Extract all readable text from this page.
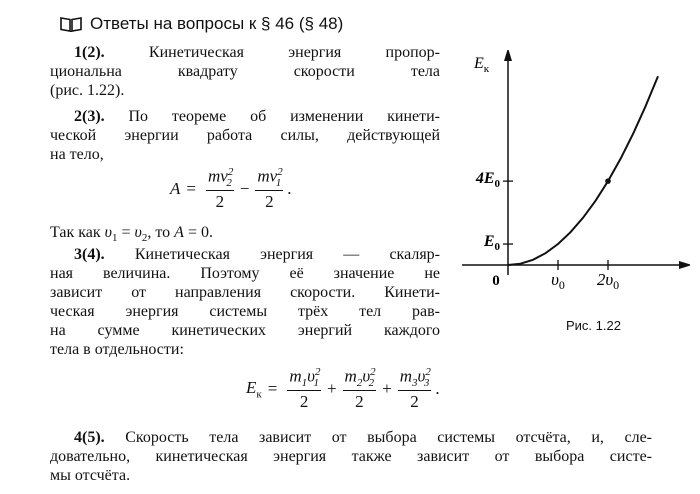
Ответы на вопросы к § 46 (§ 48)
1(2).	Кинетическая энергия пропор-
циональна квадрату скорости тела
(рис. 1.22).
2(3). По теореме об изменении кинети-
ческой энергии работа силы, действующей
на тело,
$A = \frac{mv^2_2}{2} - \frac{mv^2_1}{2}$ .
Так как $\upsilon_1 = \upsilon_2$, то A = 0.
3(4). Кинетическая энергия — скаляр-
ная величина. Поэтому её значение не
зависит от направления скорости. Кинети-
ческая энергия системы трёх тел рав-
на сумме кинетических энергий каждого
тела в отдельности:
$E_к = \frac{m_1\upsilon^2_1}{2} + \frac{m_2\upsilon^2_2}{2} + \frac{m_3\upsilon^2_3}{2}$ .
4(5). Скорость тела зависит от выбора системы отсчёта, и, сле-
довательно, кинетическая энергия также зависит от выбора систе-
мы отсчёта.
$\upsilon_0$ $2\upsilon_0$
$E_0$
$4E_0$
$E_к$
0
Рис. 1.22
